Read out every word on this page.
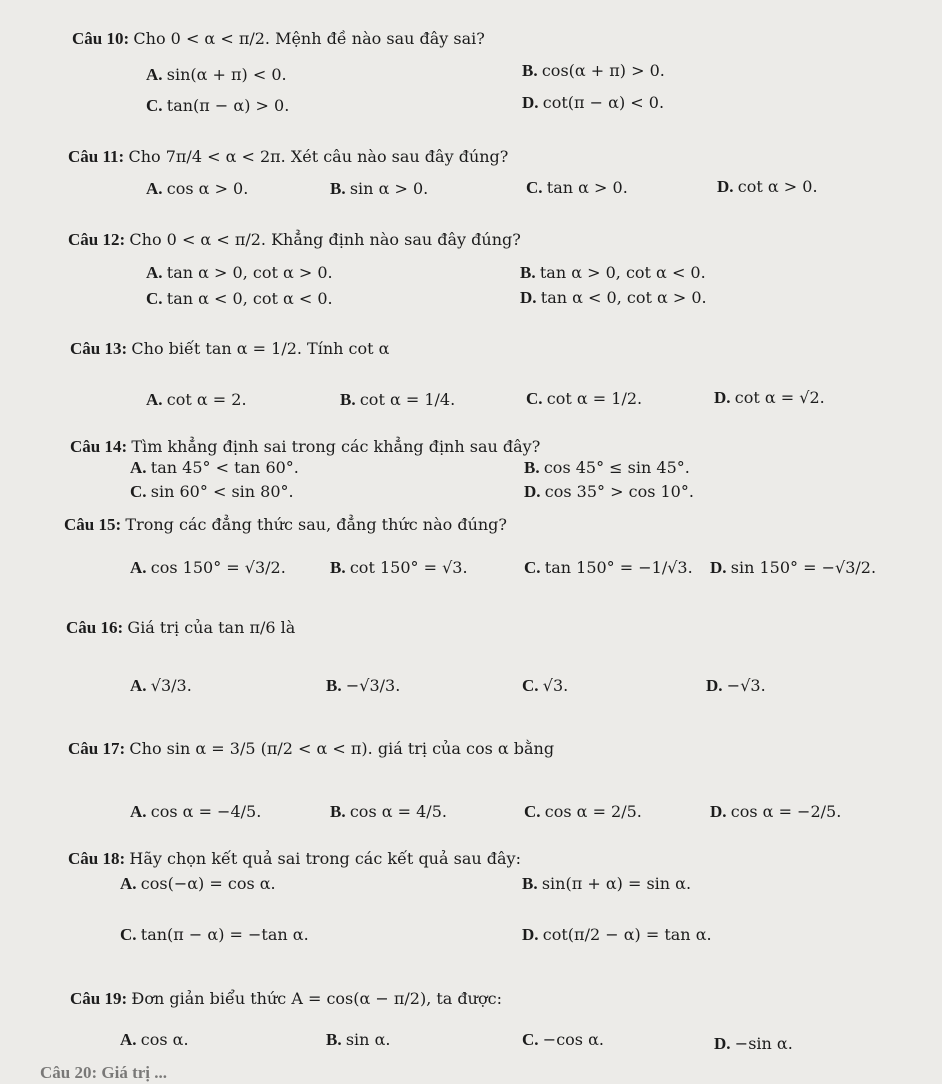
Câu 10: Cho 0 < α < π/2. Mệnh đề nào sau đây sai?
A. sin(α + π) < 0.	B. cos(α + π) > 0.
C. tan(π − α) > 0.	D. cot(π − α) < 0.
Câu 11: Cho 7π/4 < α < 2π. Xét câu nào sau đây đúng?
A. cos α > 0.	B. sin α > 0.	C. tan α > 0.	D. cot α > 0.
Câu 12: Cho 0 < α < π/2. Khẳng định nào sau đây đúng?
A. tan α > 0, cot α > 0.	B. tan α > 0, cot α < 0.
C. tan α < 0, cot α < 0.	D. tan α < 0, cot α > 0.
Câu 13: Cho biết tan α = 1/2. Tính cot α
A. cot α = 2.	B. cot α = 1/4.	C. cot α = 1/2.	D. cot α = √2.
Câu 14: Tìm khẳng định sai trong các khẳng định sau đây?
A. tan 45° < tan 60°.	B. cos 45° ≤ sin 45°.
C. sin 60° < sin 80°.	D. cos 35° > cos 10°.
Câu 15: Trong các đẳng thức sau, đẳng thức nào đúng?
A. cos 150° = √3/2.	B. cot 150° = √3.	C. tan 150° = −1/√3. D. sin 150° = −√3/2.
Câu 16: Giá trị của tan π/6 là
A. √3/3.	B. −√3/3.	C. √3.	D. −√3.
Câu 17: Cho sin α = 3/5 (π/2 < α < π). giá trị của cos α bằng
A. cos α = −4/5.	B. cos α = 4/5.	C. cos α = 2/5.	D. cos α = −2/5.
Câu 18: Hãy chọn kết quả sai trong các kết quả sau đây:
A. cos(−α) = cos α.	B. sin(π + α) = sin α.
C. tan(π − α) = −tan α.	D. cot(π/2 − α) = tan α.
Câu 19: Đơn giản biểu thức A = cos(α − π/2), ta được:
A. cos α.	B. sin α.	C. −cos α.	D. −sin α.
Câu 20: Giá trị ...
